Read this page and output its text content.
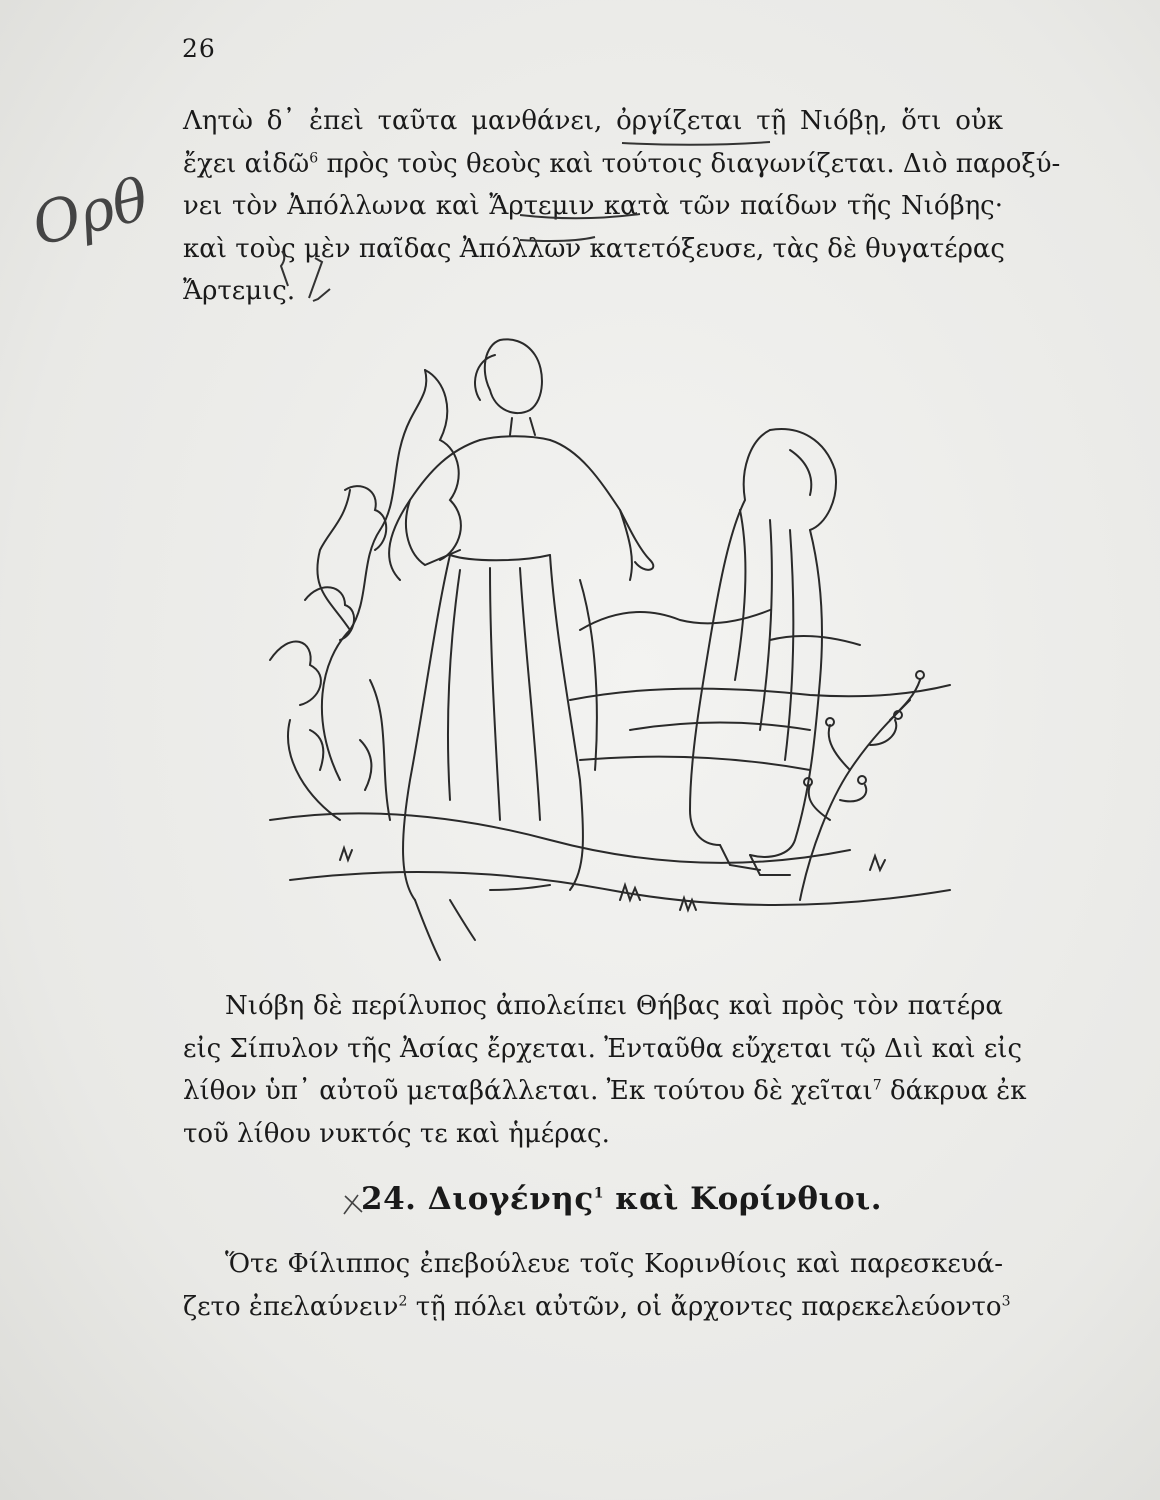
26
Ορθ
Λητὼ δ᾿ ἐπεὶ ταῦτα μανθάνει, ὀργίζεται τῇ Νιόβῃ, ὅτι οὐκ
ἔχει αἰδῶ$^6$ πρὸς τοὺς θεοὺς καὶ τούτοις διαγωνίζεται. Διὸ παροξύ-
νει τὸν Ἀπόλλωνα καὶ Ἄρτεμιν κατὰ τῶν παίδων τῆς Νιόβης·
καὶ τοὺς μὲν παῖδας Ἀπόλλων κατετόξευσε, τὰς δὲ θυγατέρας
Ἄρτεμις.
Νιόβη δὲ περίλυπος ἀπολείπει Θήβας καὶ πρὸς τὸν πατέρα
εἰς Σίπυλον τῆς Ἀσίας ἔρχεται. Ἐνταῦθα εὔχεται τῷ Διὶ καὶ εἰς
λίθον ὑπ᾿ αὐτοῦ μεταβάλλεται. Ἐκ τούτου δὲ χεῖται$^7$ δάκρυα ἐκ
τοῦ λίθου νυκτός τε καὶ ἡμέρας.
24. Διογένης$^1$ καὶ Κορίνθιοι.
Ὅτε Φίλιππος ἐπεβούλευε τοῖς Κορινθίοις καὶ παρεσκευά-
ζετο ἐπελαύνειν$^2$ τῇ πόλει αὐτῶν, οἱ ἄρχοντες παρεκελεύοντο$^3$
